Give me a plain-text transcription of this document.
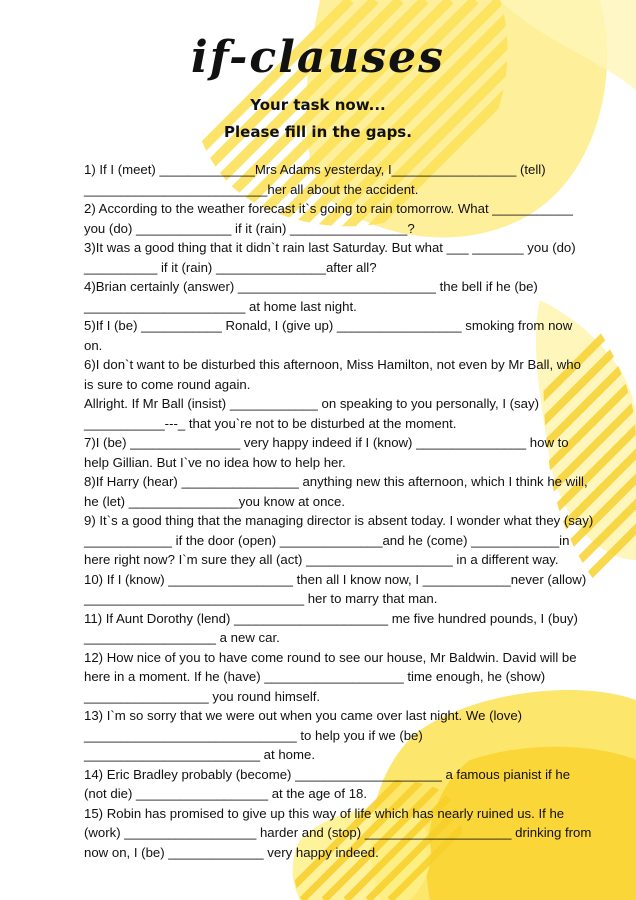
if-clauses
Your task now...
Please fill in the gaps.

1) If I (meet) _____________Mrs Adams yesterday, I_________________ (tell) _________________________her all about the accident.

2) According to the weather forecast it`s going to rain tomorrow. What ___________ you (do) _____________ if it (rain) ________________?

3)It was a good thing that it didn`t rain last Saturday. But what ___ _______ you (do) __________ if it (rain) _______________after all?

4)Brian certainly (answer) ___________________________ the bell if he (be) ______________________ at home last night.

5)If I (be) ___________ Ronald, I (give up) _________________ smoking from now on.

6)I don`t want to be disturbed this afternoon, Miss Hamilton, not even by Mr Ball, who is sure to come round again.

Allright. If Mr Ball (insist) ____________ on speaking to you personally, I (say) ___________---_ that you`re not to be disturbed at the moment.

7)I (be) _______________ very happy indeed if I (know) _______________ how to help Gillian. But I`ve no idea how to help her.

8)If Harry (hear) ________________ anything new this afternoon, which I think he will, he (let) _______________you know at once.

9) It`s a good thing that the managing director is absent today. I wonder what they (say) ____________ if the door (open) ______________and he (come) ____________in here right now? I`m sure they all (act) ____________________ in a different way.

10) If I (know) _________________ then all I know now, I ____________never (allow) ______________________________ her to marry that man.

11) If Aunt Dorothy (lend) _____________________ me five hundred pounds, I (buy) __________________ a new car.

12) How nice of you to have come round to see our house, Mr Baldwin. David will be here in a moment. If he (have) ___________________ time enough, he (show) _________________ you round himself.

13) I`m so sorry that we were out when you came over last night. We (love) _____________________________ to help you if we (be) ________________________ at home.

14) Eric Bradley probably (become) ____________________ a famous pianist if he (not die) __________________ at the age of 18.

15) Robin has promised to give up this way of life which has nearly ruined us. If he (work) __________________ harder and (stop) ____________________ drinking from now on, I (be) _____________ very happy indeed.
